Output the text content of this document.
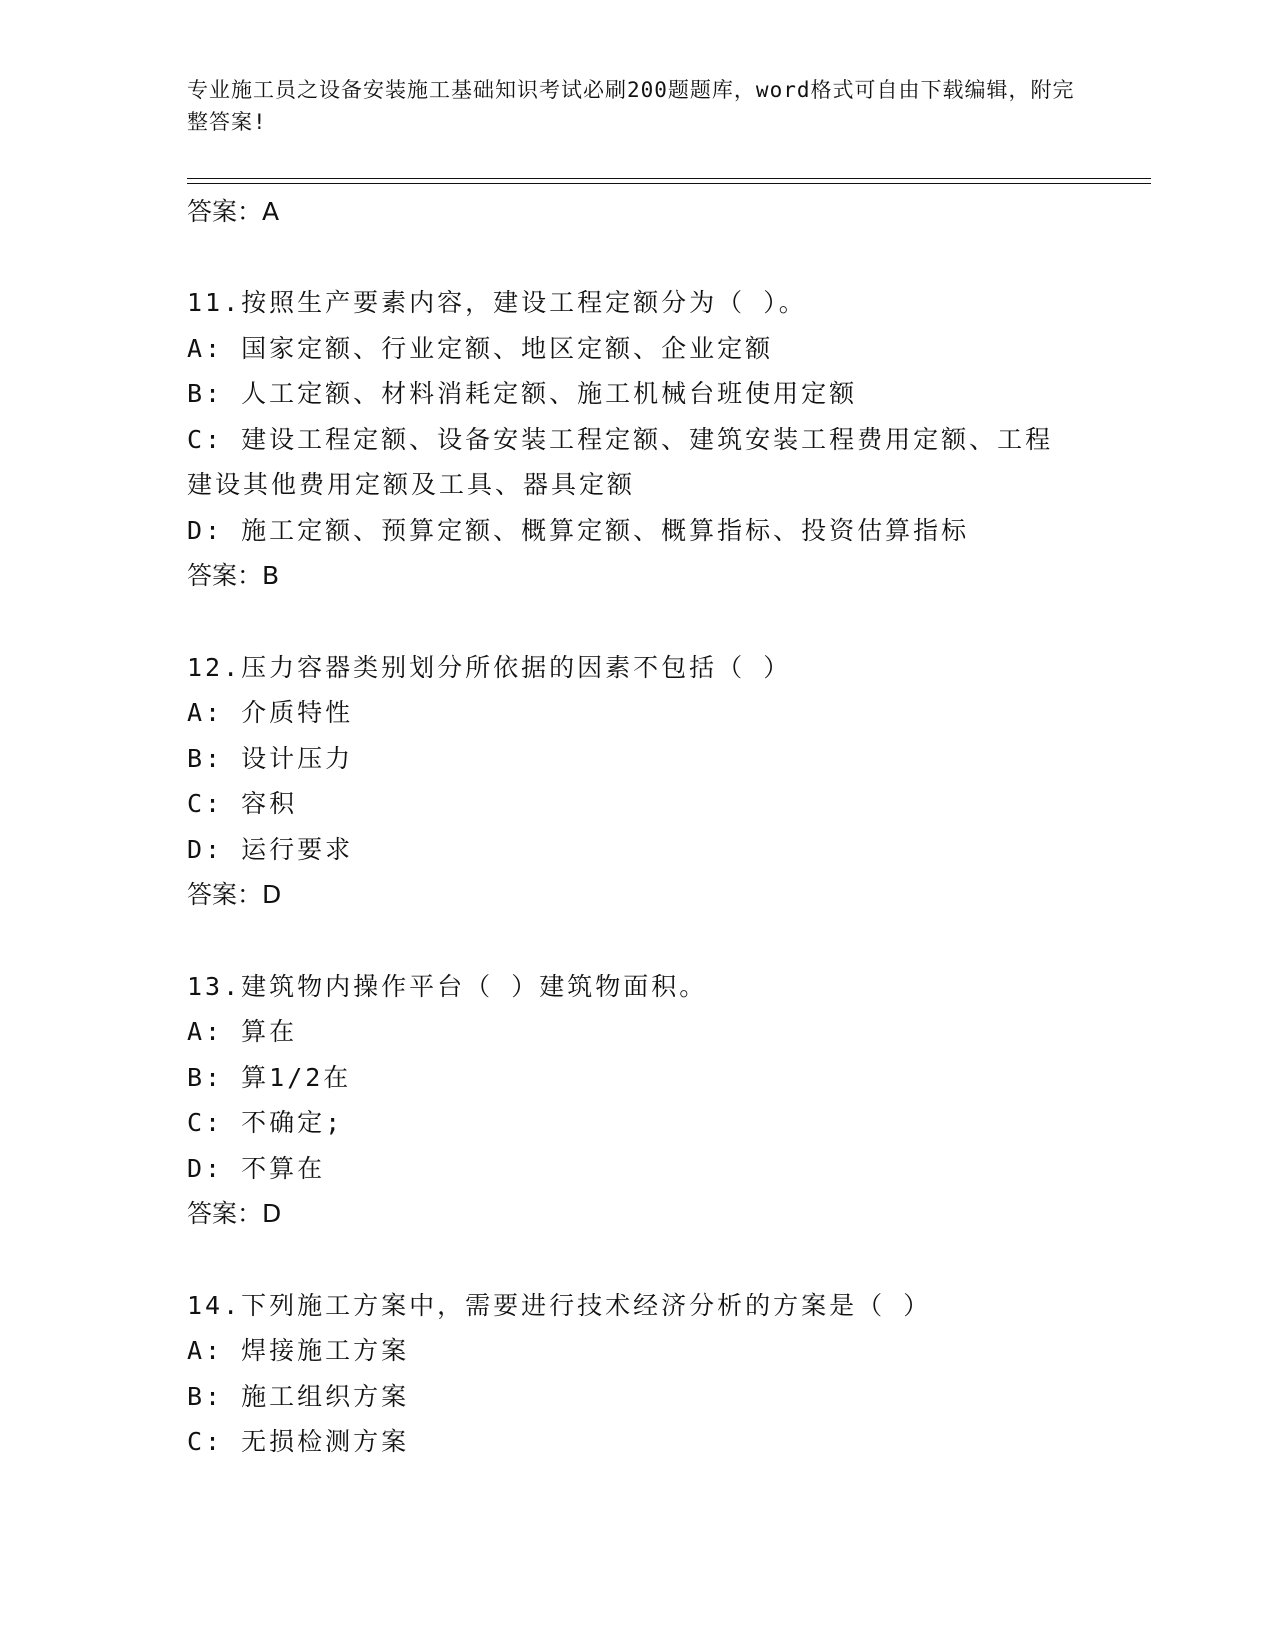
专业施工员之设备安装施工基础知识考试必刷200题题库，word格式可自由下载编辑，附完整答案!
答案：A
11.按照生产要素内容，建设工程定额分为（ ）。
A: 国家定额、行业定额、地区定额、企业定额
B: 人工定额、材料消耗定额、施工机械台班使用定额
C: 建设工程定额、设备安装工程定额、建筑安装工程费用定额、工程建设其他费用定额及工具、器具定额
D: 施工定额、预算定额、概算定额、概算指标、投资估算指标
答案：B
12.压力容器类别划分所依据的因素不包括（ ）
A: 介质特性
B: 设计压力
C: 容积
D: 运行要求
答案：D
13.建筑物内操作平台（ ）建筑物面积。
A: 算在
B: 算1/2在
C: 不确定;
D: 不算在
答案：D
14.下列施工方案中，需要进行技术经济分析的方案是（ ）
A: 焊接施工方案
B: 施工组织方案
C: 无损检测方案
